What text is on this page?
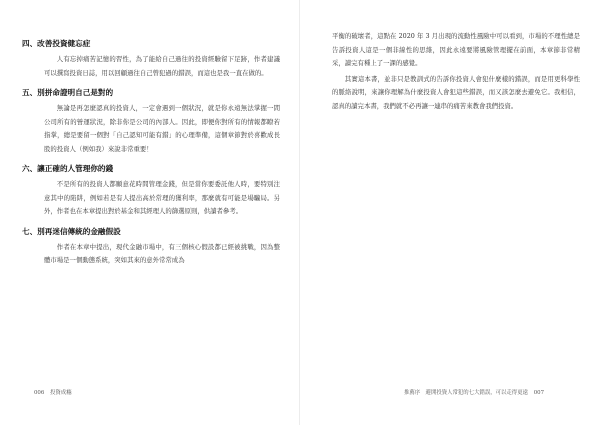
四、改善投資健忘症

人有忘掉痛苦記憶的習性，為了能給自己過往的投資經驗留下足跡，作者建議可以撰寫投資日誌，用以回顧過往自己曾犯過的錯誤，而這也是我一直在做的。

五、別拼命證明自己是對的

無論是再怎麼認真的投資人，一定會遇到一個狀況，就是你永遠無法掌握一間公司所有的營運狀況，除非你是公司的內部人。因此，即便你對所有的情報都瞭若指掌，總是要留一個對「自己認知可能有錯」的心理準備，這個章節對於喜歡成長股的投資人（例如我）來說非常重要！

六、讓正確的人管理你的錢

不是所有的投資人都願意花時間管理金錢，但是當你要委託他人時，要特別注意其中的陷阱，例如若是有人提出高於常理的獲利率，那麼就有可能是場騙局。另外，作者也在本章提出對於基金和其經理人的篩選原則，供讀者參考。

七、別再迷信傳統的金融假設

作者在本章中提出，現代金融市場中，有三個核心假設都已經被挑戰，因為整體市場是一個動態系統，突如其來的意外常常成為

006 投資成癮

平衡的破壞者，這點在 2020 年 3 月出現的流動性風險中可以看到，市場的不理性總是告訴投資人這是一個非線性的思維，因此永遠要將風險管理擺在前面，本章節非常精采，讀完有種上了一課的感覺。

其實這本書，並非只是教訓式的告訴你投資人會犯什麼樣的錯誤，而是用更科學性的脈絡說明，來讓你理解為什麼投資人會犯這些錯誤，而又該怎麼去避免它。我相信，認真的讀完本書，我們就不必再讓一連串的痛苦來教會我們投資。

推薦序　避開投資人常犯的七大錯誤，可以走得更遠 007
